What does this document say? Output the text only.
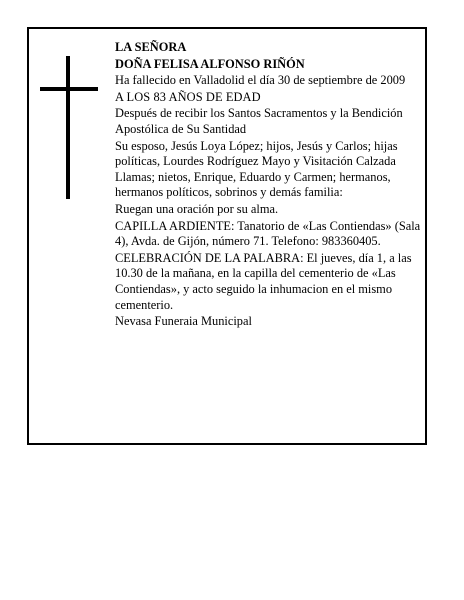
LA SEÑORA

DOÑA FELISA ALFONSO RIÑÓN

Ha fallecido en Valladolid el día 30 de septiembre de 2009

A LOS 83 AÑOS DE EDAD

Después de recibir los Santos Sacramentos y la Bendición Apostólica de Su Santidad

Su esposo, Jesús Loya López; hijos, Jesús y Carlos; hijas políticas, Lourdes Rodríguez Mayo y Visitación Calzada Llamas; nietos, Enrique, Eduardo y Carmen; hermanos, hermanos políticos, sobrinos y demás familia:

Ruegan una oración por su alma.

CAPILLA ARDIENTE: Tanatorio de «Las Contiendas» (Sala 4), Avda. de Gijón, número 71. Telefono: 983360405.

CELEBRACIÓN DE LA PALABRA: El jueves, día 1, a las 10.30 de la mañana, en la capilla del cementerio de «Las Contiendas», y acto seguido la inhumacion en el mismo cementerio.

Nevasa Funeraia Municipal
